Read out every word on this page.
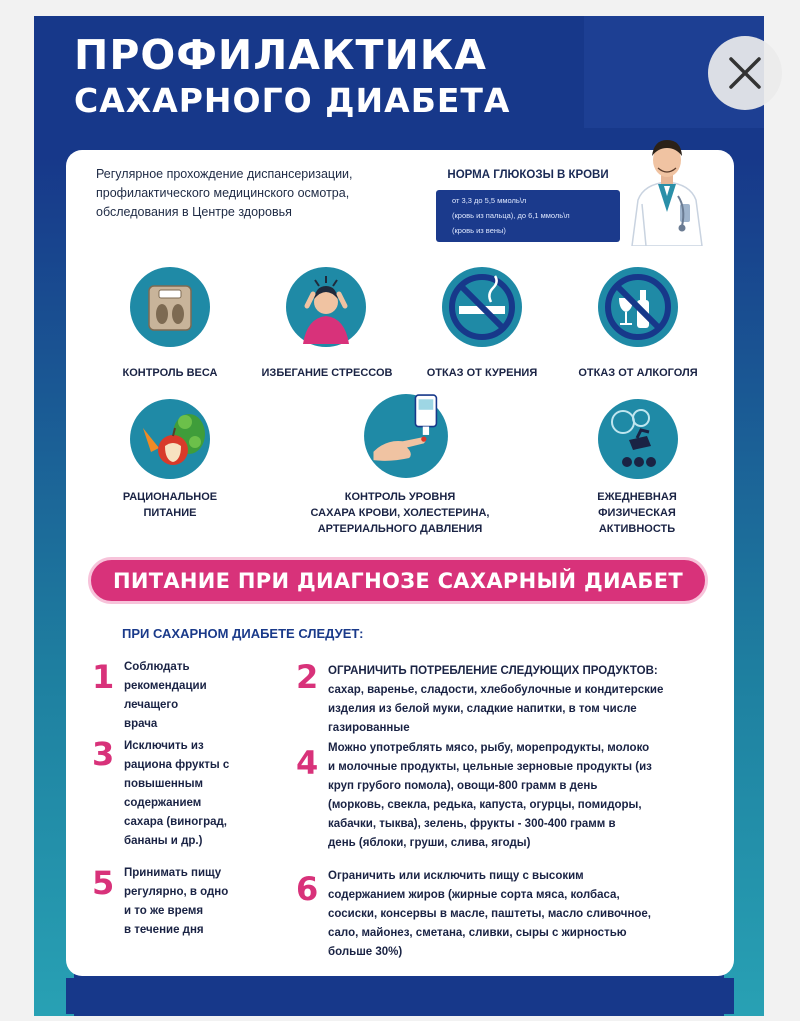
ПРОФИЛАКТИКА
САХАРНОГО ДИАБЕТА
Регулярное прохождение диспансеризации, профилактического медицинского осмотра, обследования в Центре здоровья
НОРМА ГЛЮКОЗЫ В КРОВИ
от 3,3 до 5,5 ммоль\л
(кровь из пальца), до 6,1 ммоль\л
(кровь из вены)
КОНТРОЛЬ ВЕСА	ИЗБЕГАНИЕ СТРЕССОВ	ОТКАЗ ОТ КУРЕНИЯ	ОТКАЗ ОТ АЛКОГОЛЯ
РАЦИОНАЛЬНОЕ
ПИТАНИЕ
КОНТРОЛЬ УРОВНЯ
САХАРА КРОВИ, ХОЛЕСТЕРИНА,
АРТЕРИАЛЬНОГО ДАВЛЕНИЯ
ЕЖЕДНЕВНАЯ
ФИЗИЧЕСКАЯ
АКТИВНОСТЬ
ПИТАНИЕ ПРИ ДИАГНОЗЕ САХАРНЫЙ ДИАБЕТ
ПРИ САХАРНОМ ДИАБЕТЕ СЛЕДУЕТ:
1 Соблюдать
рекомендации
лечащего
врача
3 Исключить из
рациона фрукты с
повышенным
содержанием
сахара (виноград,
бананы и др.)
5 Принимать пищу
регулярно, в одно
и то же время
в течение дня
2 ОГРАНИЧИТЬ ПОТРЕБЛЕНИЕ СЛЕДУЮЩИХ ПРОДУКТОВ:
сахар, варенье, сладости, хлебобулочные и кондитерские
изделия из белой муки, сладкие напитки, в том числе
газированные
4 Можно употреблять мясо, рыбу, морепродукты, молоко
и молочные продукты, цельные зерновые продукты (из
круп грубого помола), овощи-800 грамм в день
(морковь, свекла, редька, капуста, огурцы, помидоры,
кабачки, тыква), зелень, фрукты - 300-400 грамм в
день (яблоки, груши, слива, ягоды)
6 Ограничить или исключить пищу с высоким
содержанием жиров (жирные сорта мяса, колбаса,
сосиски, консервы в масле, паштеты, масло сливочное,
сало, майонез, сметана, сливки, сыры с жирностью
больше 30%)
